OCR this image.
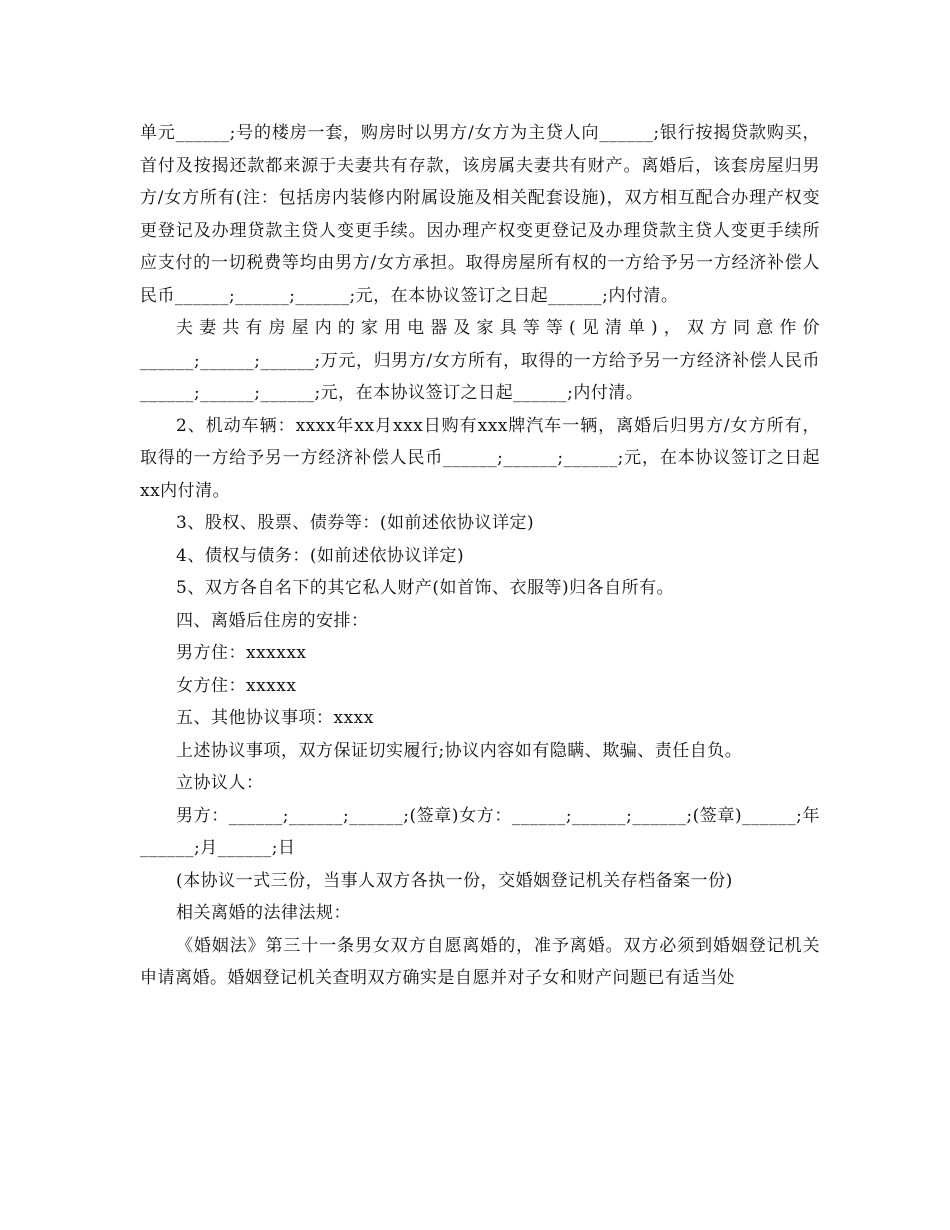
单元______;号的楼房一套，购房时以男方/女方为主贷人向______;银行按揭贷款购买，首付及按揭还款都来源于夫妻共有存款，该房属夫妻共有财产。离婚后，该套房屋归男方/女方所有(注：包括房内装修内附属设施及相关配套设施)，双方相互配合办理产权变更登记及办理贷款主贷人变更手续。因办理产权变更登记及办理贷款主贷人变更手续所应支付的一切税费等均由男方/女方承担。取得房屋所有权的一方给予另一方经济补偿人民币______;______;______;元，在本协议签订之日起______;内付清。

夫妻共有房屋内的家用电器及家具等等(见清单)，双方同意作价______;______;______;万元，归男方/女方所有，取得的一方给予另一方经济补偿人民币______;______;______;元，在本协议签订之日起______;内付清。

2、机动车辆：xxxx年xx月xxx日购有xxx牌汽车一辆，离婚后归男方/女方所有，取得的一方给予另一方经济补偿人民币______;______;______;元，在本协议签订之日起xx内付清。

3、股权、股票、债券等：(如前述依协议详定)

4、债权与债务：(如前述依协议详定)

5、双方各自名下的其它私人财产(如首饰、衣服等)归各自所有。

四、离婚后住房的安排：

男方住：xxxxxx

女方住：xxxxx

五、其他协议事项：xxxx

上述协议事项，双方保证切实履行;协议内容如有隐瞒、欺骗、责任自负。

立协议人：

男方：______;______;______;(签章)女方：______;______;______;(签章)______;年______;月______;日

(本协议一式三份，当事人双方各执一份，交婚姻登记机关存档备案一份)

相关离婚的法律法规：

《婚姻法》第三十一条男女双方自愿离婚的，准予离婚。双方必须到婚姻登记机关申请离婚。婚姻登记机关查明双方确实是自愿并对子女和财产问题已有适当处
